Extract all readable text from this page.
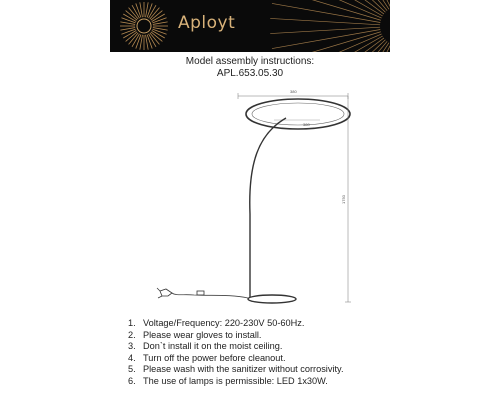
Aployt
Model assembly instructions:
APL.653.05.30
380
380
1750
1. Voltage/Frequency: 220-230V 50-60Hz.
2. Please wear gloves to install.
3. Don`t install it on the moist ceiling.
4. Turn off the power before cleanout.
5. Please wash with the sanitizer without corrosivity.
6. The use of lamps is permissible: LED 1x30W.
